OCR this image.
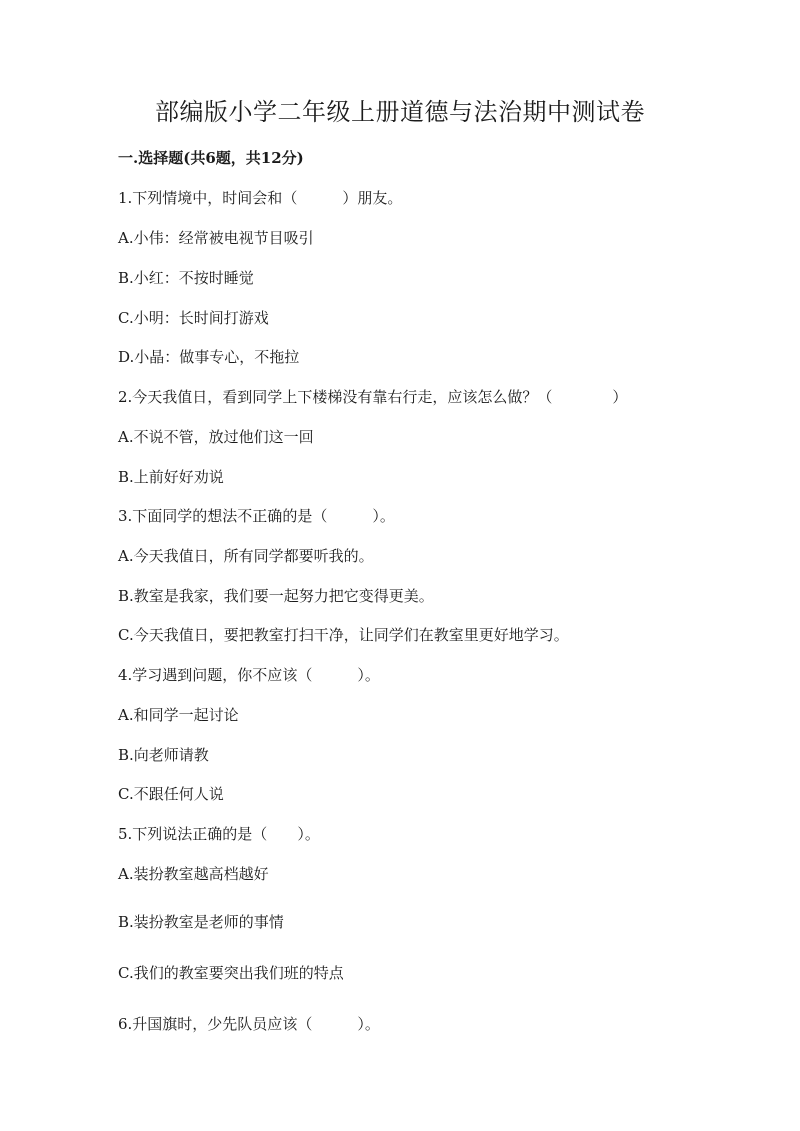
部编版小学二年级上册道德与法治期中测试卷
一.选择题(共6题，共12分)

1.下列情境中，时间会和（　　　）朋友。

A.小伟：经常被电视节目吸引

B.小红：不按时睡觉

C.小明：长时间打游戏

D.小晶：做事专心，不拖拉

2.今天我值日，看到同学上下楼梯没有靠右行走，应该怎么做？（　　　　）

A.不说不管，放过他们这一回

B.上前好好劝说

3.下面同学的想法不正确的是（　　　）。

A.今天我值日，所有同学都要听我的。

B.教室是我家，我们要一起努力把它变得更美。

C.今天我值日，要把教室打扫干净，让同学们在教室里更好地学习。

4.学习遇到问题，你不应该（　　　）。

A.和同学一起讨论

B.向老师请教

C.不跟任何人说

5.下列说法正确的是（　　）。

A.装扮教室越高档越好

B.装扮教室是老师的事情

C.我们的教室要突出我们班的特点

6.升国旗时，少先队员应该（　　　）。
